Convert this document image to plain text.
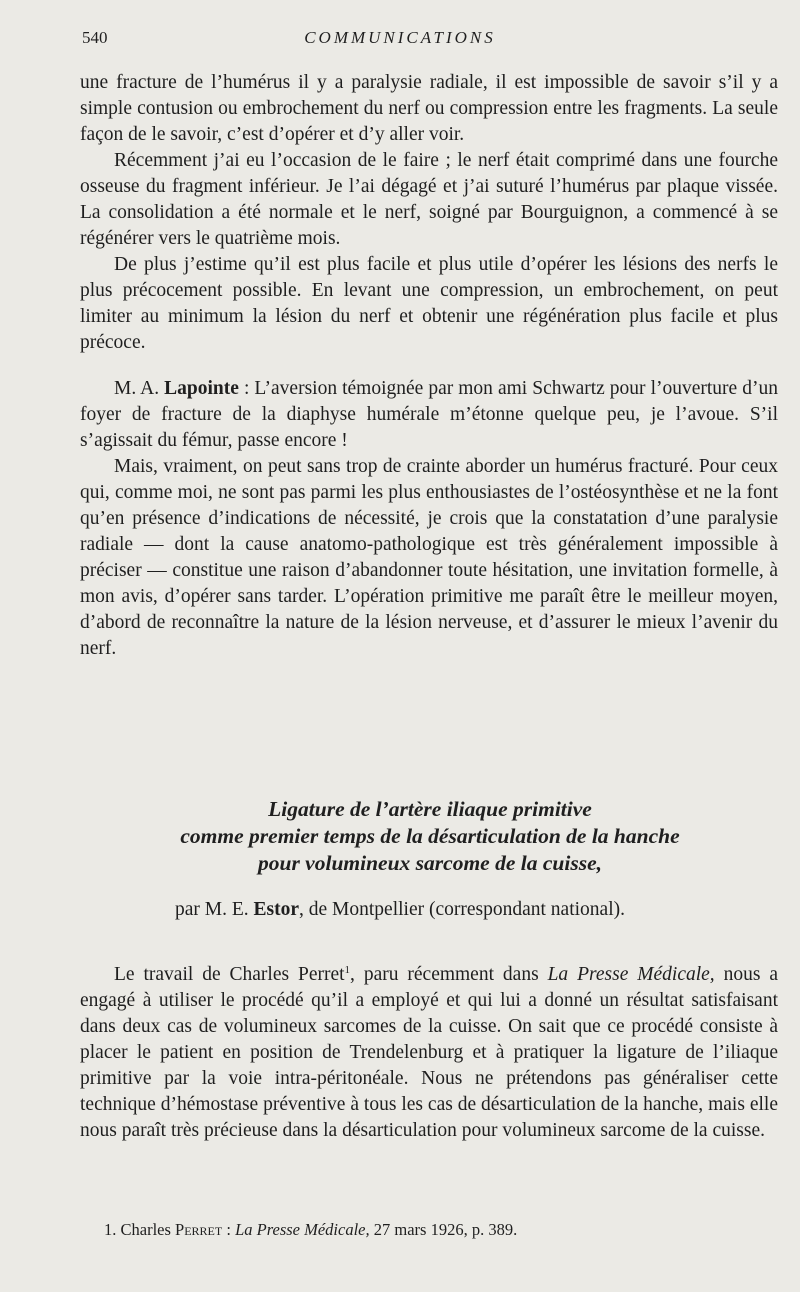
540	COMMUNICATIONS

une fracture de l’humérus il y a paralysie radiale, il est impossible de savoir s’il y a simple contusion ou embrochement du nerf ou compression entre les fragments. La seule façon de le savoir, c’est d’opérer et d’y aller voir.

Récemment j’ai eu l’occasion de le faire ; le nerf était comprimé dans une fourche osseuse du fragment inférieur. Je l’ai dégagé et j’ai suturé l’humérus par plaque vissée. La consolidation a été normale et le nerf, soigné par Bourguignon, a commencé à se régénérer vers le quatrième mois.

De plus j’estime qu’il est plus facile et plus utile d’opérer les lésions des nerfs le plus précocement possible. En levant une compression, un embrochement, on peut limiter au minimum la lésion du nerf et obtenir une régénération plus facile et plus précoce.

M. A. Lapointe : L’aversion témoignée par mon ami Schwartz pour l’ouverture d’un foyer de fracture de la diaphyse humérale m’étonne quelque peu, je l’avoue. S’il s’agissait du fémur, passe encore !

Mais, vraiment, on peut sans trop de crainte aborder un humérus fracturé. Pour ceux qui, comme moi, ne sont pas parmi les plus enthousiastes de l’ostéosynthèse et ne la font qu’en présence d’indications de nécessité, je crois que la constatation d’une paralysie radiale — dont la cause anatomo-pathologique est très généralement impossible à préciser — constitue une raison d’abandonner toute hésitation, une invitation formelle, à mon avis, d’opérer sans tarder. L’opération primitive me paraît être le meilleur moyen, d’abord de reconnaître la nature de la lésion nerveuse, et d’assurer le mieux l’avenir du nerf.

Ligature de l’artère iliaque primitive
comme premier temps de la désarticulation de la hanche
pour volumineux sarcome de la cuisse,
par M. E. Estor, de Montpellier (correspondant national).

Le travail de Charles Perret$^1$, paru récemment dans La Presse Médicale, nous a engagé à utiliser le procédé qu’il a employé et qui lui a donné un résultat satisfaisant dans deux cas de volumineux sarcomes de la cuisse. On sait que ce procédé consiste à placer le patient en position de Trendelenburg et à pratiquer la ligature de l’iliaque primitive par la voie intra-péritonéale. Nous ne prétendons pas généraliser cette technique d’hémostase préventive à tous les cas de désarticulation de la hanche, mais elle nous paraît très précieuse dans la désarticulation pour volumineux sarcome de la cuisse.

1. Charles Perret : La Presse Médicale, 27 mars 1926, p. 389.
